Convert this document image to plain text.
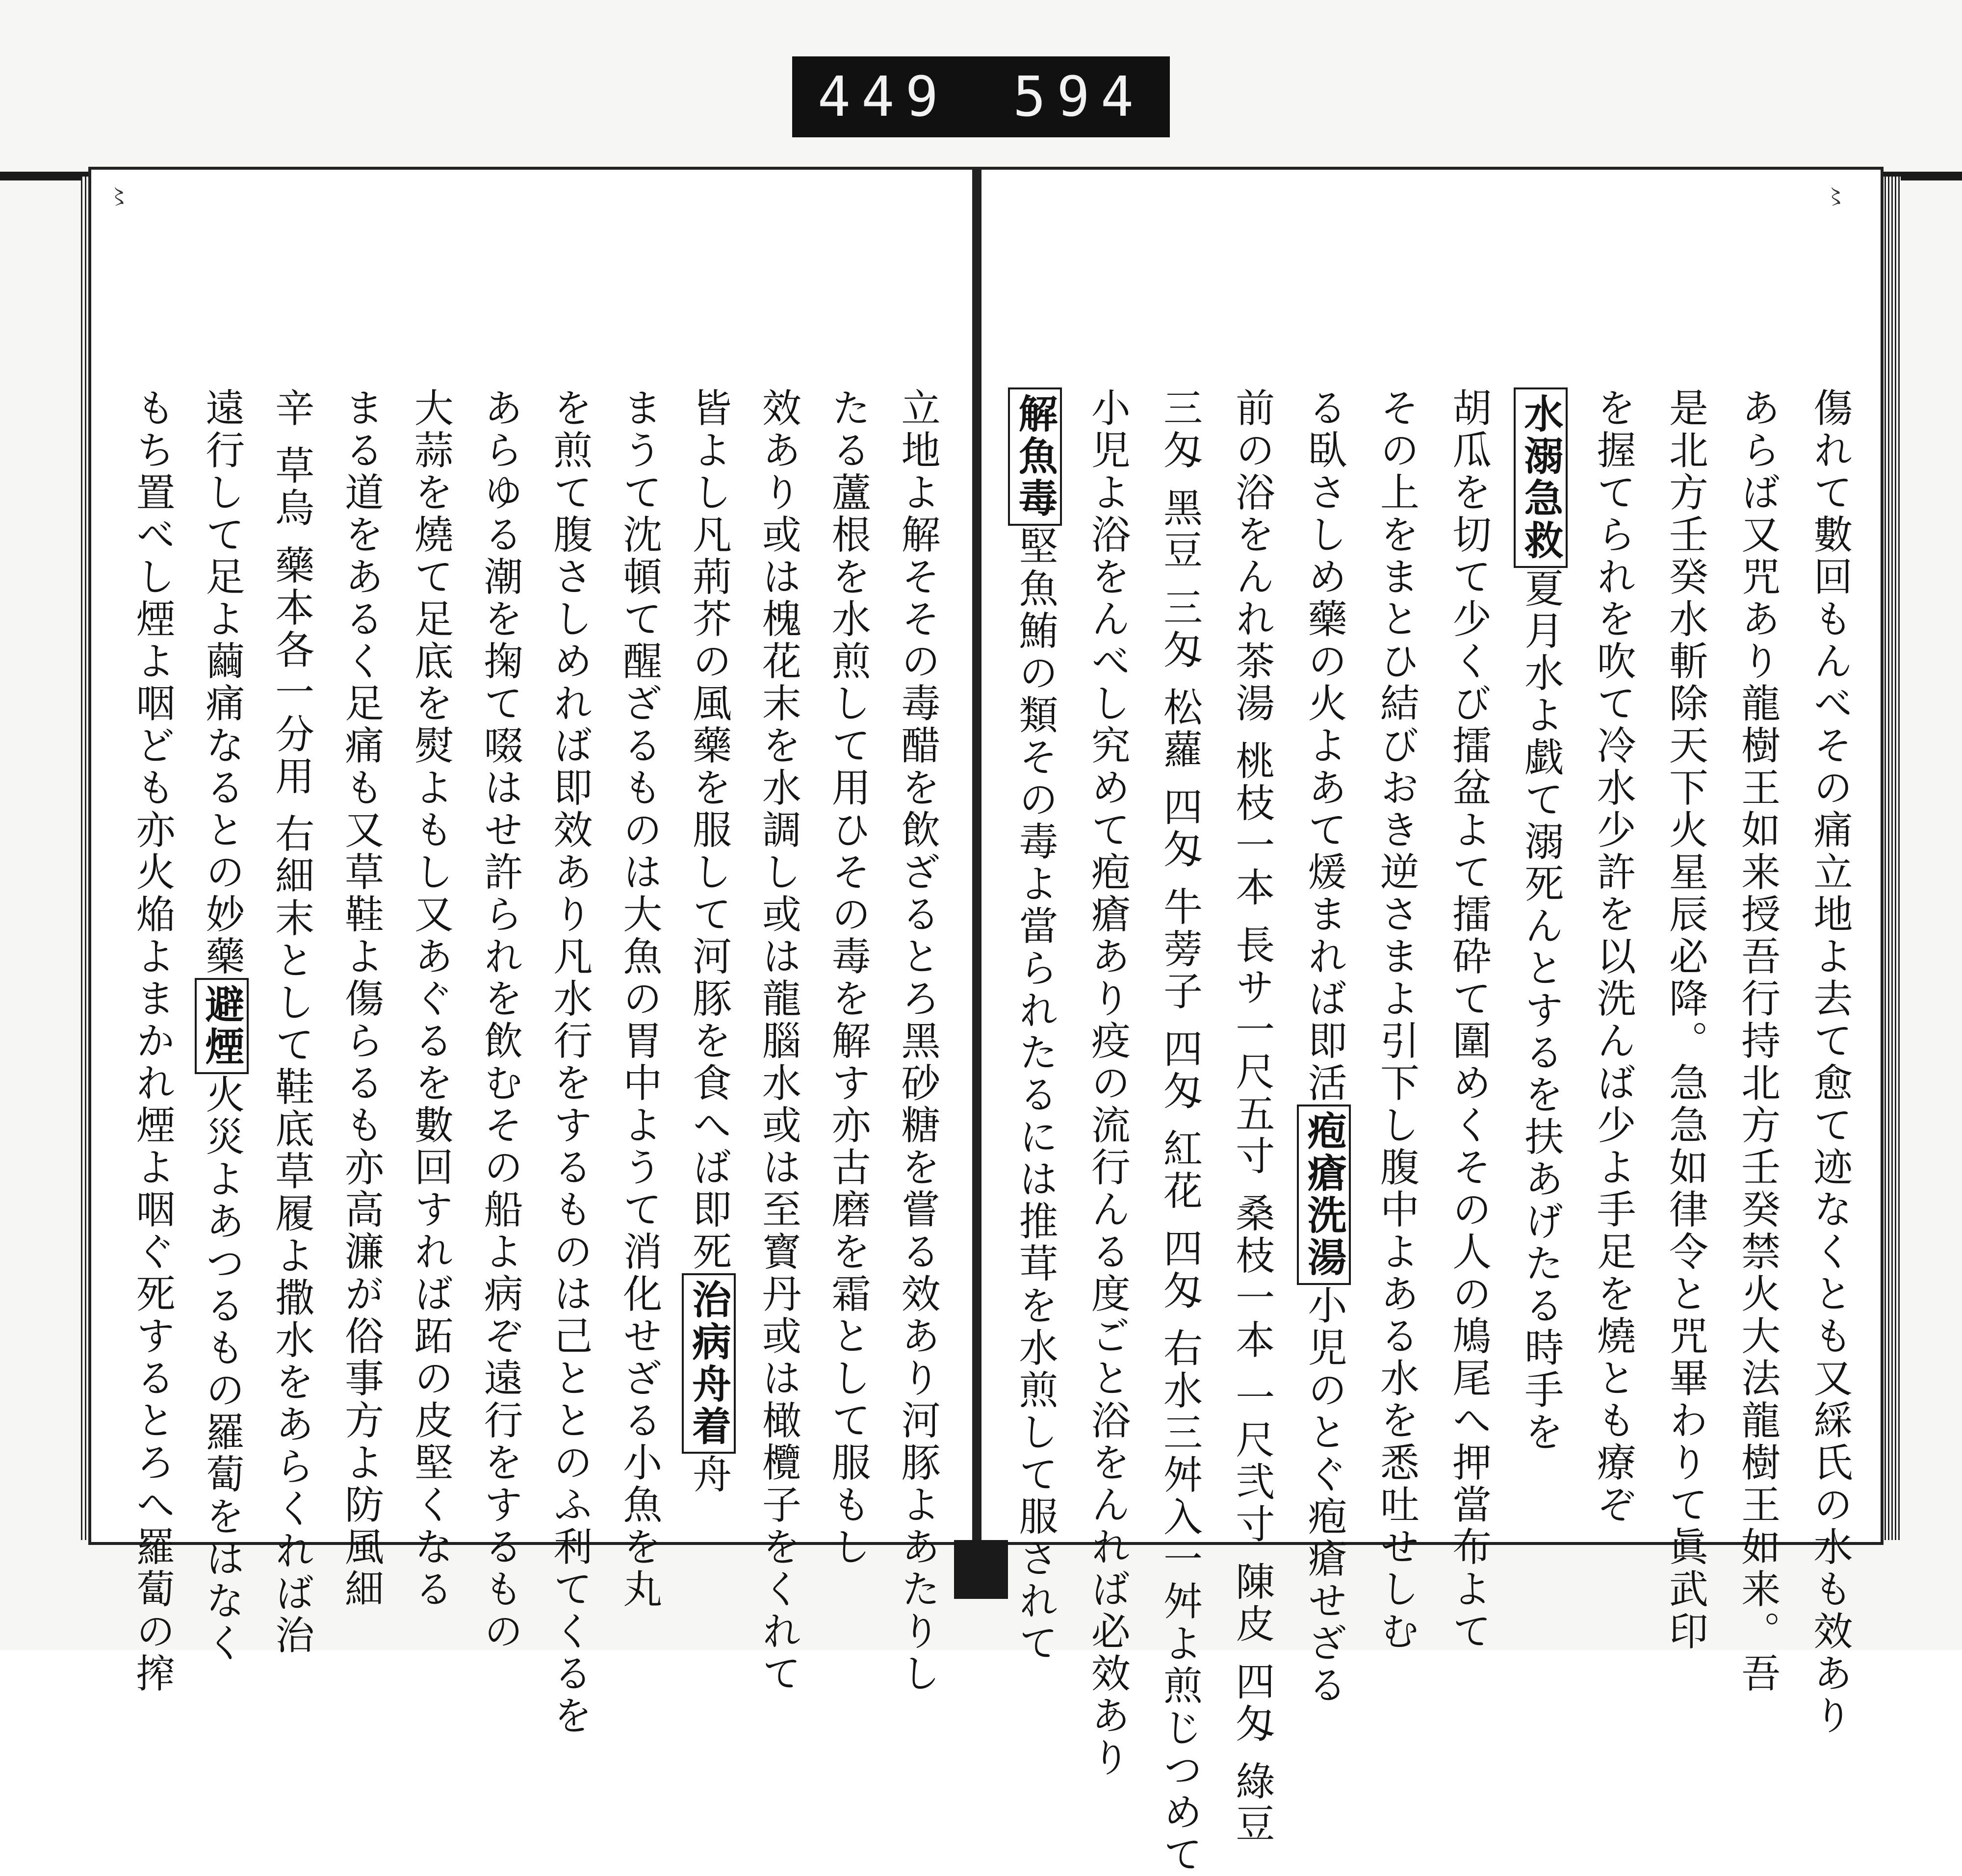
449 594
〻	〻
傷れて數回もんべその痛立地よ去て愈て迹なくとも又綵氏の水も效あり
あらば又咒あり龍樹王如来授吾行持北方壬癸禁火大法龍樹王如来。吾
是北方壬癸水斬除天下火星辰必降。急急如律令と咒畢わりて眞武印
を握てられを吹て冷水少許を以洗んば少よ手足を燒とも療ぞ
水溺急救夏月水よ戯て溺死んとするを扶あげたる時手を
胡瓜を切て少くび擂盆よて擂砕て圍めくその人の鳩尾へ押當布よて
その上をまとひ結びおき逆さまよ引下し腹中よある水を悉吐せしむ
る臥さしめ藥の火よあて煖まれば即活疱瘡洗湯小児のとぐ疱瘡せざる
前の浴をんれ茶湯 桃枝一本 長サ一尺五寸 桑枝一本 一尺弐寸 陳皮 四匁 綠豆
三匁 黑豆 三匁 松蘿 四匁 牛蒡子 四匁 紅花 四匁 右水三舛入一舛よ煎じつめて
小児よ浴をんべし究めて疱瘡あり疫の流行んる度ごと浴をんれば必效あり
解魚毒堅魚鮪の類その毒よ當られたるには推茸を水煎して服されて
立地よ解そその毒醋を飲ざるとろ黑砂糖を嘗る效あり河豚よあたりし
たる蘆根を水煎して用ひその毒を解す亦古磨を霜として服もし
效あり或は槐花末を水調し或は龍腦水或は至寳丹或は橄欖子をくれて
皆よし凡荊芥の風藥を服して河豚を食へば即死治病舟着舟
まうて沈頓て醒ざるものは大魚の胃中ようて消化せざる小魚を丸
を煎て腹さしめれば即效あり凡水行をするものは己ととのふ利てくるを
あらゆる潮を掬て啜はせ許られを飲むその船よ病ぞ遠行をするもの
大蒜を燒て足底を熨よもし又あぐるを數回すれば跖の皮堅くなる
まる道をあるく足痛も又草鞋よ傷らるも亦高濂が俗事方よ防風細
辛 草烏 藥本各一分用 右細末として鞋底草履よ撒水をあらくれば治
遠行して足よ繭痛なるとの妙藥避煙火災よあつるもの羅蔔をはなく
もち置べし煙よ咽ども亦火焔よまかれ煙よ咽ぐ死するとろへ羅蔔の搾
